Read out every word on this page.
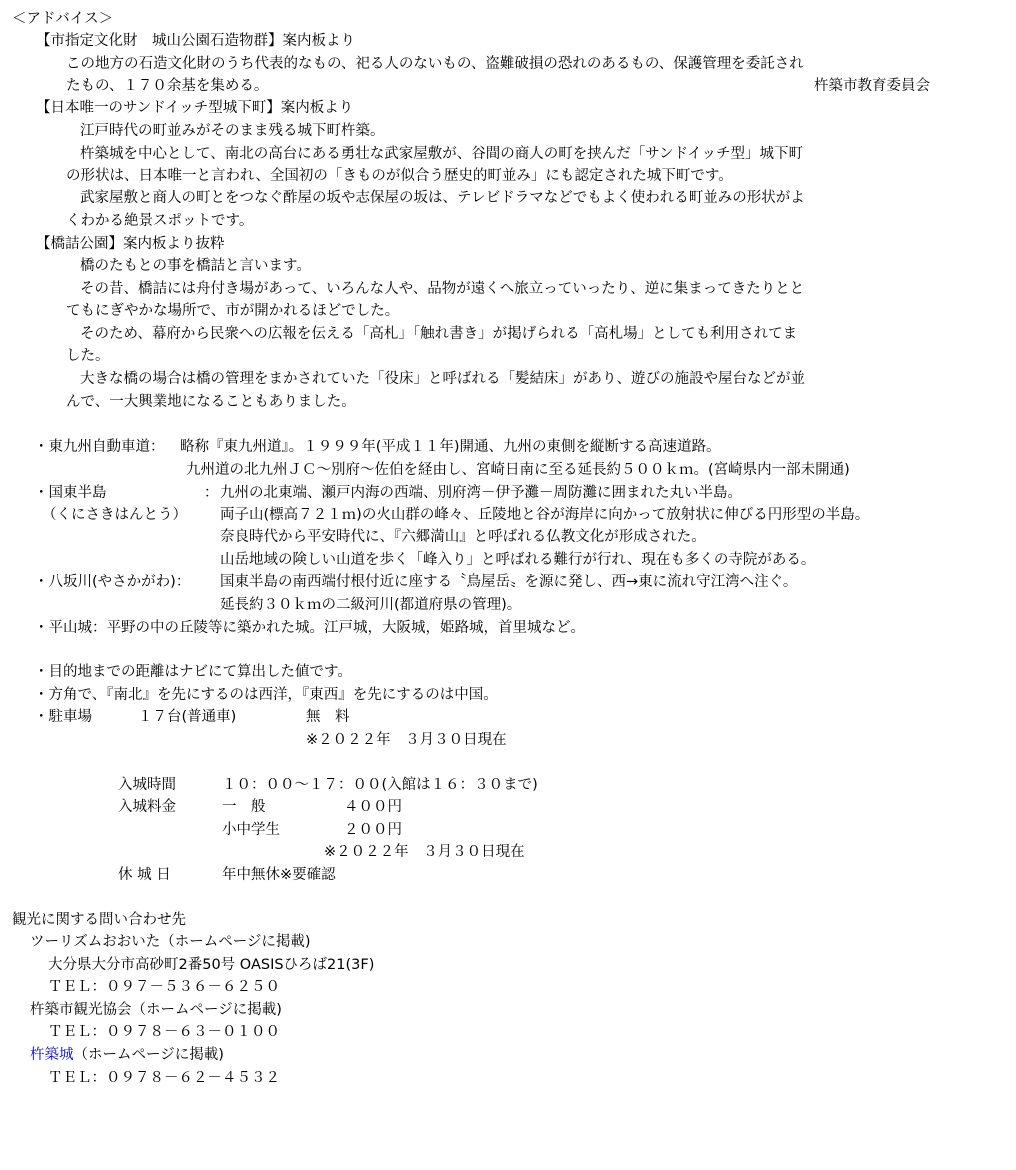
＜アドバイス＞
【市指定文化財　城山公園石造物群】案内板より
この地方の石造文化財のうち代表的なもの、祀る人のないもの、盗難破損の恐れのあるもの、保護管理を委託され
たもの、１７０余基を集める。	杵築市教育委員会
【日本唯一のサンドイッチ型城下町】案内板より
江戸時代の町並みがそのまま残る城下町杵築。
杵築城を中心として、南北の高台にある勇壮な武家屋敷が、谷間の商人の町を挟んだ「サンドイッチ型」城下町
の形状は、日本唯一と言われ、全国初の「きものが似合う歴史的町並み」にも認定された城下町です。
武家屋敷と商人の町とをつなぐ酢屋の坂や志保屋の坂は、テレビドラマなどでもよく使われる町並みの形状がよ
くわかる絶景スポットです。
【橋詰公園】案内板より抜粋
橋のたもとの事を橋詰と言います。
その昔、橋詰には舟付き場があって、いろんな人や、品物が遠くへ旅立っていったり、逆に集まってきたりとと
てもにぎやかな場所で、市が開かれるほどでした。
そのため、幕府から民衆への広報を伝える「高札」「触れ書き」が掲げられる「高札場」としても利用されてま
した。
大きな橋の場合は橋の管理をまかされていた「役床」と呼ばれる「髪結床」があり、遊びの施設や屋台などが並
んで、一大興業地になることもありました。
・東九州自動車道： 略称『東九州道』。１９９９年(平成１１年)開通、九州の東側を縦断する高速道路。
九州道の北九州ＪＣ～別府～佐伯を経由し、宮崎日南に至る延長約５００ｋｍ。(宮崎県内一部未開通)
・国東半島	： 九州の北東端、瀬戸内海の西端、別府湾－伊予灘－周防灘に囲まれた丸い半島。
（くにさきはんとう） 両子山(標高７２１ｍ)の火山群の峰々、丘陵地と谷が海岸に向かって放射状に伸びる円形型の半島。
奈良時代から平安時代に、『六郷満山』と呼ばれる仏教文化が形成された。
山岳地域の険しい山道を歩く「峰入り」と呼ばれる難行が行れ、現在も多くの寺院がある。
・八坂川(やさかがわ)： 国東半島の南西端付根付近に座する〝鳥屋岳〟を源に発し、西→東に流れ守江湾へ注ぐ。
延長約３０ｋｍの二級河川(都道府県の管理)。
・平山城：平野の中の丘陵等に築かれた城。江戸城，大阪城，姫路城，首里城など。
・目的地までの距離はナビにて算出した値です。
・方角で、『南北』を先にするのは西洋，『東西』を先にするのは中国。
・駐車場	１７台(普通車)	無　料
※２０２２年　３月３０日現在
入城時間	１０：００～１７：００(入館は１６：３０まで)
入城料金	一　般	４００円
小中学生	２００円
※２０２２年　３月３０日現在
休 城 日	年中無休※要確認
観光に関する問い合わせ先
ツーリズムおおいた（ホームページに掲載)
大分県大分市高砂町2番50号 OASISひろば21(3F)
ＴＥＬ：０９７－５３６－６２５０
杵築市観光協会（ホームページに掲載)
ＴＥＬ：０９７８－６３－０１００
杵築城（ホームページに掲載)
ＴＥＬ：０９７８－６２－４５３２
